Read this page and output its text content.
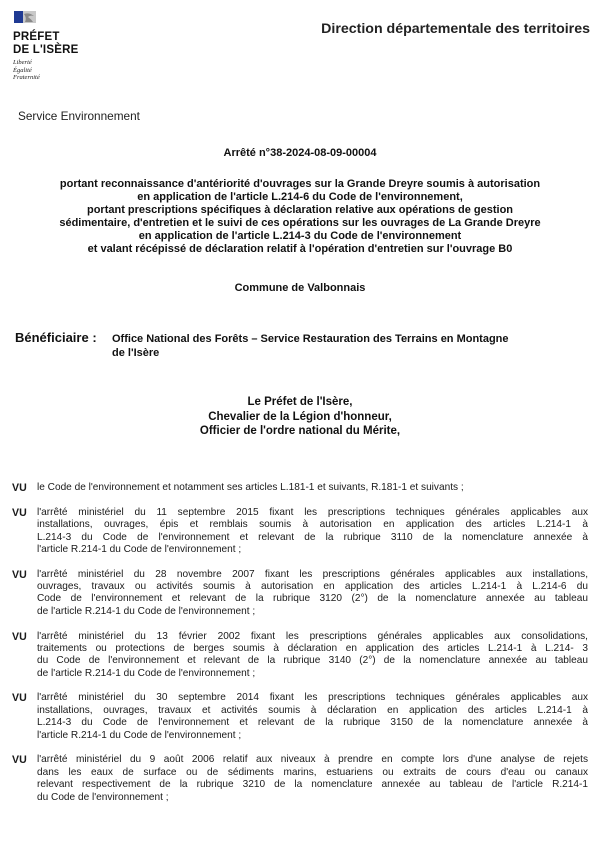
PRÉFET
DE L'ISÈRE
Liberté
Égalité
Fraternité
Direction départementale des territoires
Service Environnement
Arrêté n°38-2024-08-09-00004
portant reconnaissance d'antériorité d'ouvrages sur la Grande Dreyre soumis à autorisation
en application de l'article L.214-6 du Code de l'environnement,
portant prescriptions spécifiques à déclaration relative aux opérations de gestion
sédimentaire, d'entretien et le suivi de ces opérations sur les ouvrages de La Grande Dreyre
en application de l'article L.214-3 du Code de l'environnement
et valant récépissé de déclaration relatif à l'opération d'entretien sur l'ouvrage B0
Commune de Valbonnais
Bénéficiaire : Office National des Forêts – Service Restauration des Terrains en Montagne
de l'Isère
Le Préfet de l'Isère,
Chevalier de la Légion d'honneur,
Officier de l'ordre national du Mérite,
VU le Code de l'environnement et notamment ses articles L.181-1 et suivants, R.181-1 et suivants ;
VU l'arrêté ministériel du 11 septembre 2015 fixant les prescriptions techniques générales applicables aux
installations, ouvrages, épis et remblais soumis à autorisation en application des articles L.214-1 à
L.214-3 du Code de l'environnement et relevant de la rubrique 3110 de la nomenclature annexée à
l'article R.214-1 du Code de l'environnement ;
VU l'arrêté ministériel du 28 novembre 2007 fixant les prescriptions générales applicables aux installations,
ouvrages, travaux ou activités soumis à autorisation en application des articles L.214-1 à L.214-6 du
Code de l'environnement et relevant de la rubrique 3120 (2°) de la nomenclature annexée au tableau
de l'article R.214-1 du Code de l'environnement ;
VU l'arrêté ministériel du 13 février 2002 fixant les prescriptions générales applicables aux consolidations,
traitements ou protections de berges soumis à déclaration en application des articles L.214-1 à L.214- 3
du Code de l'environnement et relevant de la rubrique 3140 (2°) de la nomenclature annexée au tableau
de l'article R.214-1 du Code de l'environnement ;
VU l'arrêté ministériel du 30 septembre 2014 fixant les prescriptions techniques générales applicables aux
installations, ouvrages, travaux et activités soumis à déclaration en application des articles L.214-1 à
L.214-3 du Code de l'environnement et relevant de la rubrique 3150 de la nomenclature annexée à
l'article R.214-1 du Code de l'environnement ;
VU l'arrêté ministériel du 9 août 2006 relatif aux niveaux à prendre en compte lors d'une analyse de rejets
dans les eaux de surface ou de sédiments marins, estuariens ou extraits de cours d'eau ou canaux
relevant respectivement de la rubrique 3210 de la nomenclature annexée au tableau de l'article R.214-1
du Code de l'environnement ;
